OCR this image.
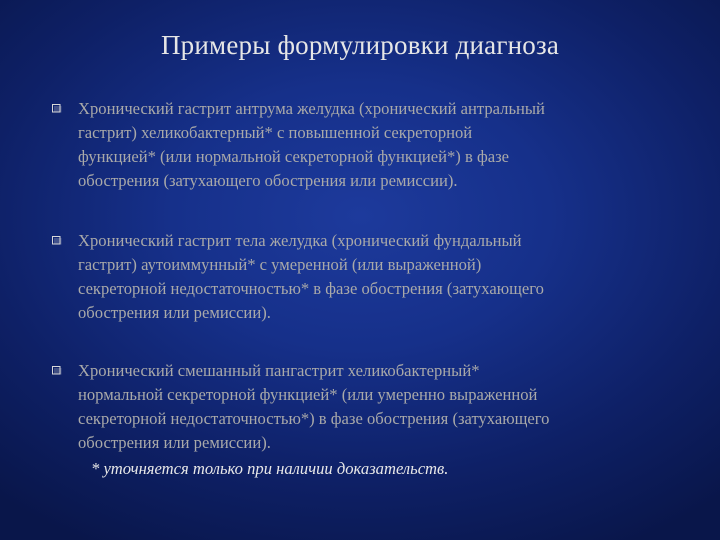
Примеры формулировки диагноза
Хронический гастрит антрума желудка (хронический антральный
гастрит) хеликобактерный* с повышенной секреторной
функцией* (или нормальной секреторной функцией*) в фазе
обострения (затухающего обострения или ремиссии).
Хронический гастрит тела желудка (хронический фундальный
гастрит) аутоиммунный* с умеренной (или выраженной)
секреторной недостаточностью* в фазе обострения (затухающего
обострения или ремиссии).
Хронический смешанный пангастрит хеликобактерный*
нормальной секреторной функцией* (или умеренно выраженной
секреторной недостаточностью*) в фазе обострения (затухающего
обострения или ремиссии).
* уточняется только при наличии доказательств.
